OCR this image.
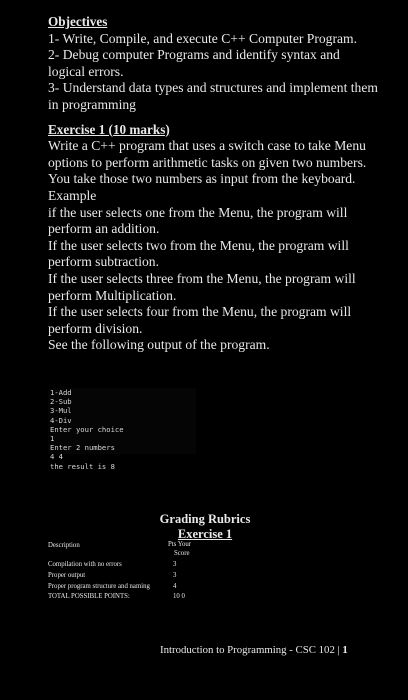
Objectives

1- Write, Compile, and execute C++ Computer Program.

2- Debug computer Programs and identify syntax and logical errors.

3- Understand data types and structures and implement them in programming

Exercise 1 (10 marks)

Write a C++ program that uses a switch case to take Menu options to perform arithmetic tasks on given two numbers. You take those two numbers as input from the keyboard.

Example

if the user selects one from the Menu, the program will perform an addition.

If the user selects two from the Menu, the program will perform subtraction.

If the user selects three from the Menu, the program will perform Multiplication.

If the user selects four from the Menu, the program will perform division.

See the following output of the program.

1-Add
2-Sub
3-Mul
4-Div
Enter your choice
1
Enter 2 numbers
4 4
the result is 8
Grading Rubrics
Exercise 1
Description	Pts Your
Score
Compilation with no errors	3
Proper output	3
Proper program structure and naming	4
TOTAL POSSIBLE POINTS:	10 0
Introduction to Programming - CSC 102 | 1
